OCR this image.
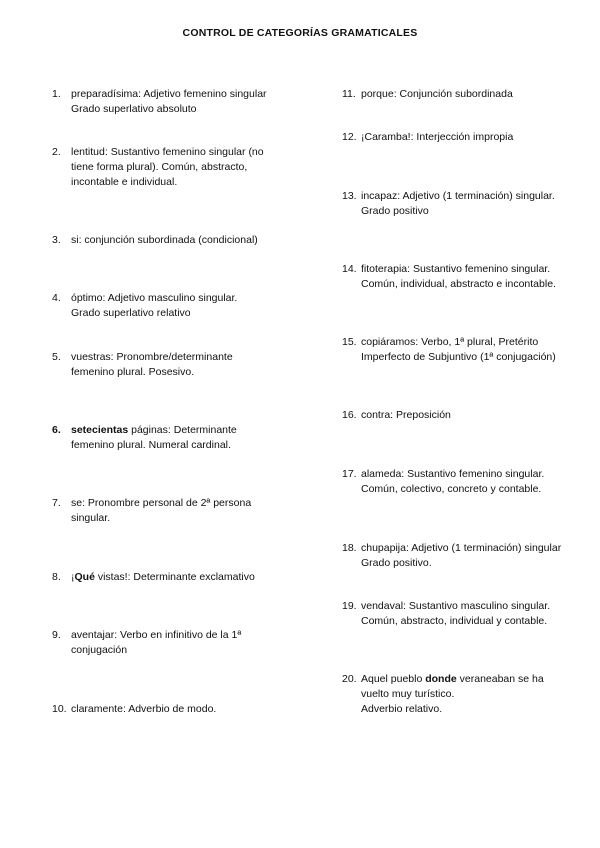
CONTROL DE CATEGORÍAS GRAMATICALES
1. preparadísima: Adjetivo femenino singular
Grado superlativo absoluto
2. lentitud: Sustantivo femenino singular (no
tiene forma plural). Común, abstracto,
incontable e individual.
3. si: conjunción subordinada (condicional)
4. óptimo: Adjetivo masculino singular.
Grado superlativo relativo
5. vuestras: Pronombre/determinante
femenino plural. Posesivo.
6. setecientas páginas: Determinante
femenino plural. Numeral cardinal.
7. se: Pronombre personal de 2ª persona
singular.
8. ¡Qué vistas!: Determinante exclamativo
9. aventajar: Verbo en infinitivo de la 1ª
conjugación
10. claramente: Adverbio de modo.
11. porque: Conjunción subordinada
12. ¡Caramba!: Interjección impropia
13. incapaz: Adjetivo (1 terminación) singular.
Grado positivo
14. fitoterapia: Sustantivo femenino singular.
Común, individual, abstracto e incontable.
15. copiáramos: Verbo, 1ª plural, Pretérito
Imperfecto de Subjuntivo (1ª conjugación)
16. contra: Preposición
17. alameda: Sustantivo femenino singular.
Común, colectivo, concreto y contable.
18. chupapija: Adjetivo (1 terminación) singular
Grado positivo.
19. vendaval: Sustantivo masculino singular.
Común, abstracto, individual y contable.
20. Aquel pueblo donde veraneaban se ha
vuelto muy turístico.
Adverbio relativo.
